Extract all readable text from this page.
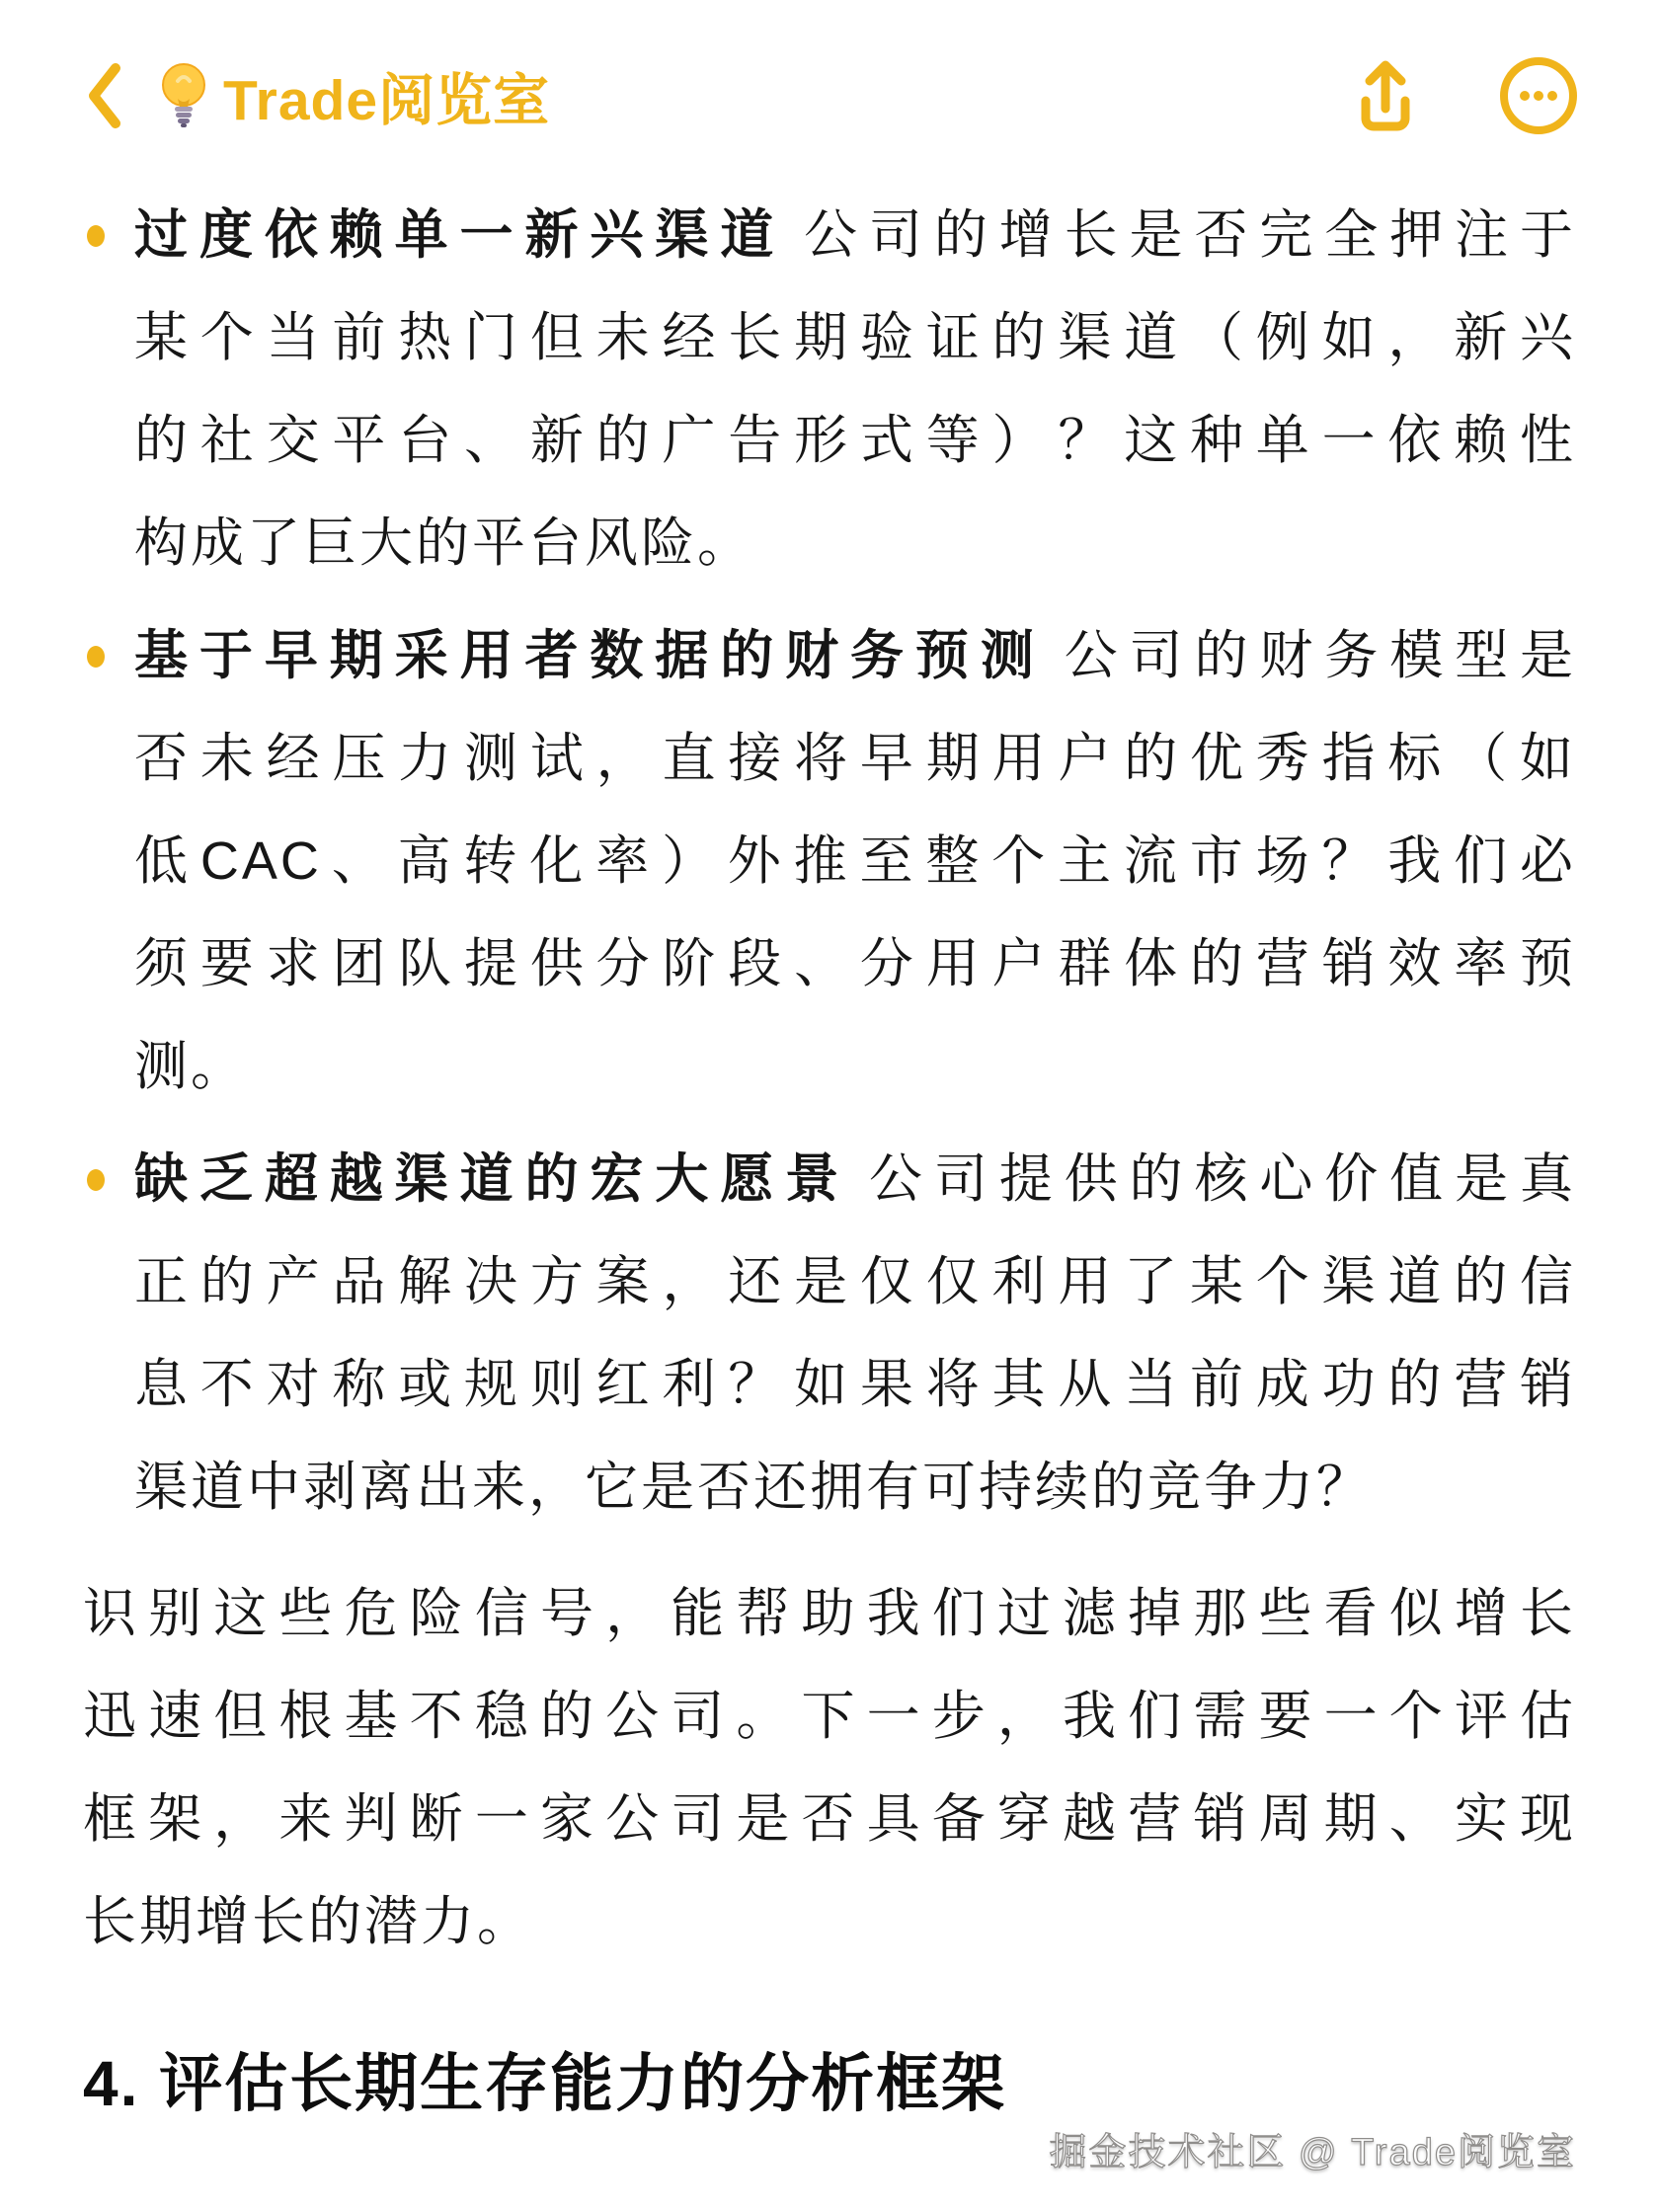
Trade阅览室
过度依赖单一新兴渠道 公司的增长是否完全押注于
某个当前热门但未经长期验证的渠道（例如，新兴
的社交平台、新的广告形式等）？这种单一依赖性
构成了巨大的平台风险。
基于早期采用者数据的财务预测 公司的财务模型是
否未经压力测试，直接将早期用户的优秀指标（如
低CAC、高转化率）外推至整个主流市场？我们必
须要求团队提供分阶段、分用户群体的营销效率预
测。
缺乏超越渠道的宏大愿景 公司提供的核心价值是真
正的产品解决方案，还是仅仅利用了某个渠道的信
息不对称或规则红利？如果将其从当前成功的营销
渠道中剥离出来，它是否还拥有可持续的竞争力？
识别这些危险信号，能帮助我们过滤掉那些看似增长
迅速但根基不稳的公司。下一步，我们需要一个评估
框架，来判断一家公司是否具备穿越营销周期、实现
长期增长的潜力。
4. 评估长期生存能力的分析框架
掘金技术社区 @ Trade阅览室
